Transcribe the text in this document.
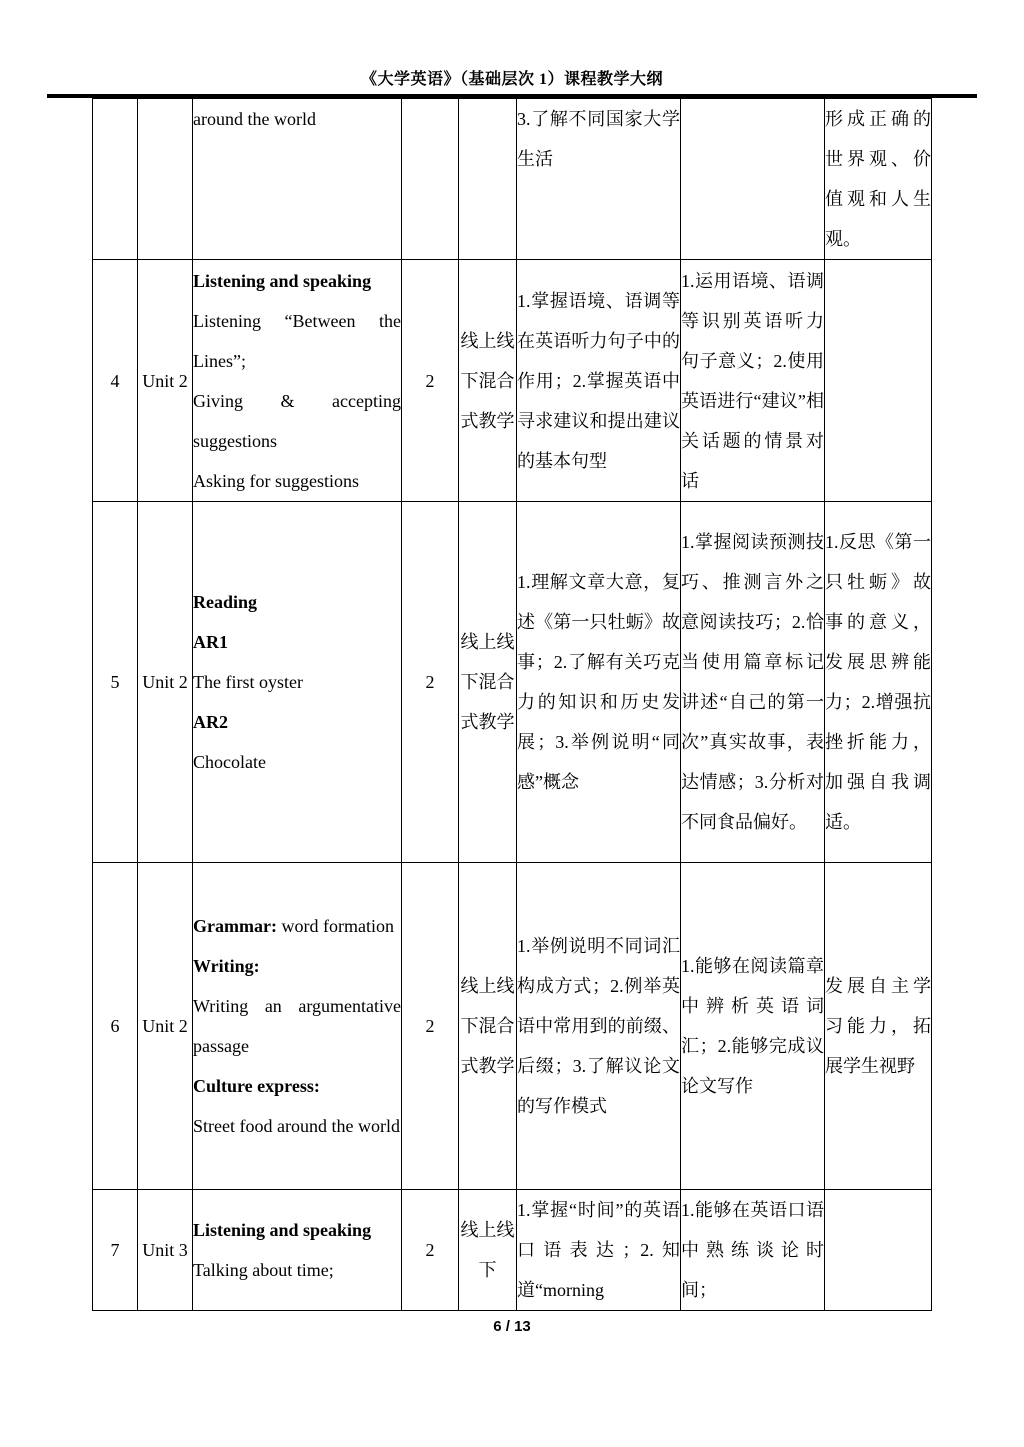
《大学英语》（基础层次 1）课程教学大纲

		around the world			3.了解不同国家大学生活		形成正确的世界观、价值观和人生观。
4	Unit 2	Listening and speaking
Listening “Between the Lines”;
Giving & accepting suggestions
Asking for suggestions	2	线上线下混合式教学	1.掌握语境、语调等在英语听力句子中的作用；2.掌握英语中寻求建议和提出建议的基本句型	1.运用语境、语调等识别英语听力句子意义；2.使用英语进行“建议”相关话题的情景对话	
5	Unit 2	Reading
AR1
The first oyster
AR2
Chocolate	2	线上线下混合式教学	1.理解文章大意，复述《第一只牡蛎》故事；2.了解有关巧克力的知识和历史发展；3.举例说明“同感”概念	1.掌握阅读预测技巧、推测言外之意阅读技巧；2.恰当使用篇章标记讲述“自己的第一次”真实故事，表达情感；3.分析对不同食品偏好。	1.反思《第一只牡蛎》故事的意义，发展思辨能力；2.增强抗挫折能力，加强自我调适。
6	Unit 2	Grammar: word formation
Writing:
Writing an argumentative passage
Culture express:
Street food around the world	2	线上线下混合式教学	1.举例说明不同词汇构成方式；2.例举英语中常用到的前缀、后缀；3.了解议论文的写作模式	1.能够在阅读篇章中辨析英语词汇；2.能够完成议论文写作	发展自主学习能力，拓展学生视野
7	Unit 3	Listening and speaking
Talking about time;	2	线上线下	1.掌握“时间”的英语口语表达；2.知道“morning	1.能够在英语口语中熟练谈论时间；	
6 / 13
